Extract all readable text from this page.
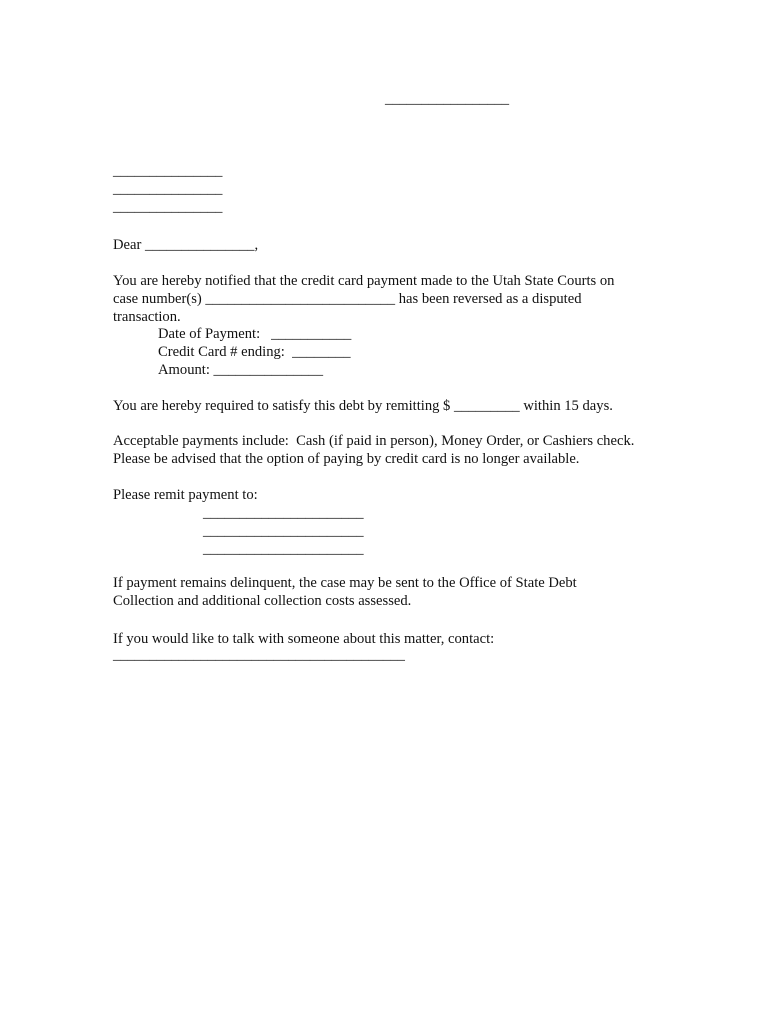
_________________
_______________
_______________
_______________
Dear _______________,
You are hereby notified that the credit card payment made to the Utah State Courts on
case number(s) __________________________ has been reversed as a disputed
transaction.
Date of Payment:   ___________
Credit Card # ending:  ________
Amount: _______________
You are hereby required to satisfy this debt by remitting $ _________ within 15 days.
Acceptable payments include:  Cash (if paid in person), Money Order, or Cashiers check.
Please be advised that the option of paying by credit card is no longer available.
Please remit payment to:
______________________
______________________
______________________
If payment remains delinquent, the case may be sent to the Office of State Debt
Collection and additional collection costs assessed.
If you would like to talk with someone about this matter, contact:
________________________________________
